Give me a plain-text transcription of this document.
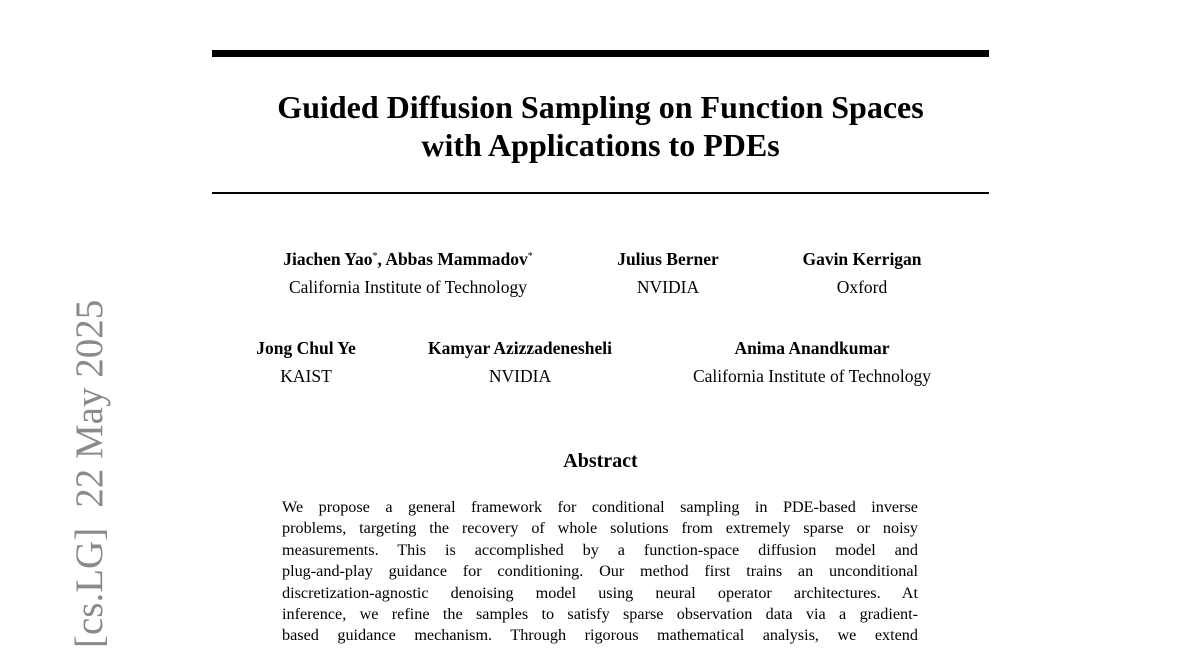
Guided Diffusion Sampling on Function Spaces
with Applications to PDEs
[cs.LG]22 May 2025
Jiachen Yao*, Abbas Mammadov*
California Institute of Technology
Julius Berner
NVIDIA
Gavin Kerrigan
Oxford
Jong Chul Ye
KAIST
Kamyar Azizzadenesheli
NVIDIA
Anima Anandkumar
California Institute of Technology
Abstract
We propose a general framework for conditional sampling in PDE-based inverse
problems, targeting the recovery of whole solutions from extremely sparse or noisy
measurements. This is accomplished by a function-space diffusion model and
plug-and-play guidance for conditioning. Our method first trains an unconditional
discretization-agnostic denoising model using neural operator architectures. At
inference, we refine the samples to satisfy sparse observation data via a gradient-
based guidance mechanism. Through rigorous mathematical analysis, we extend
